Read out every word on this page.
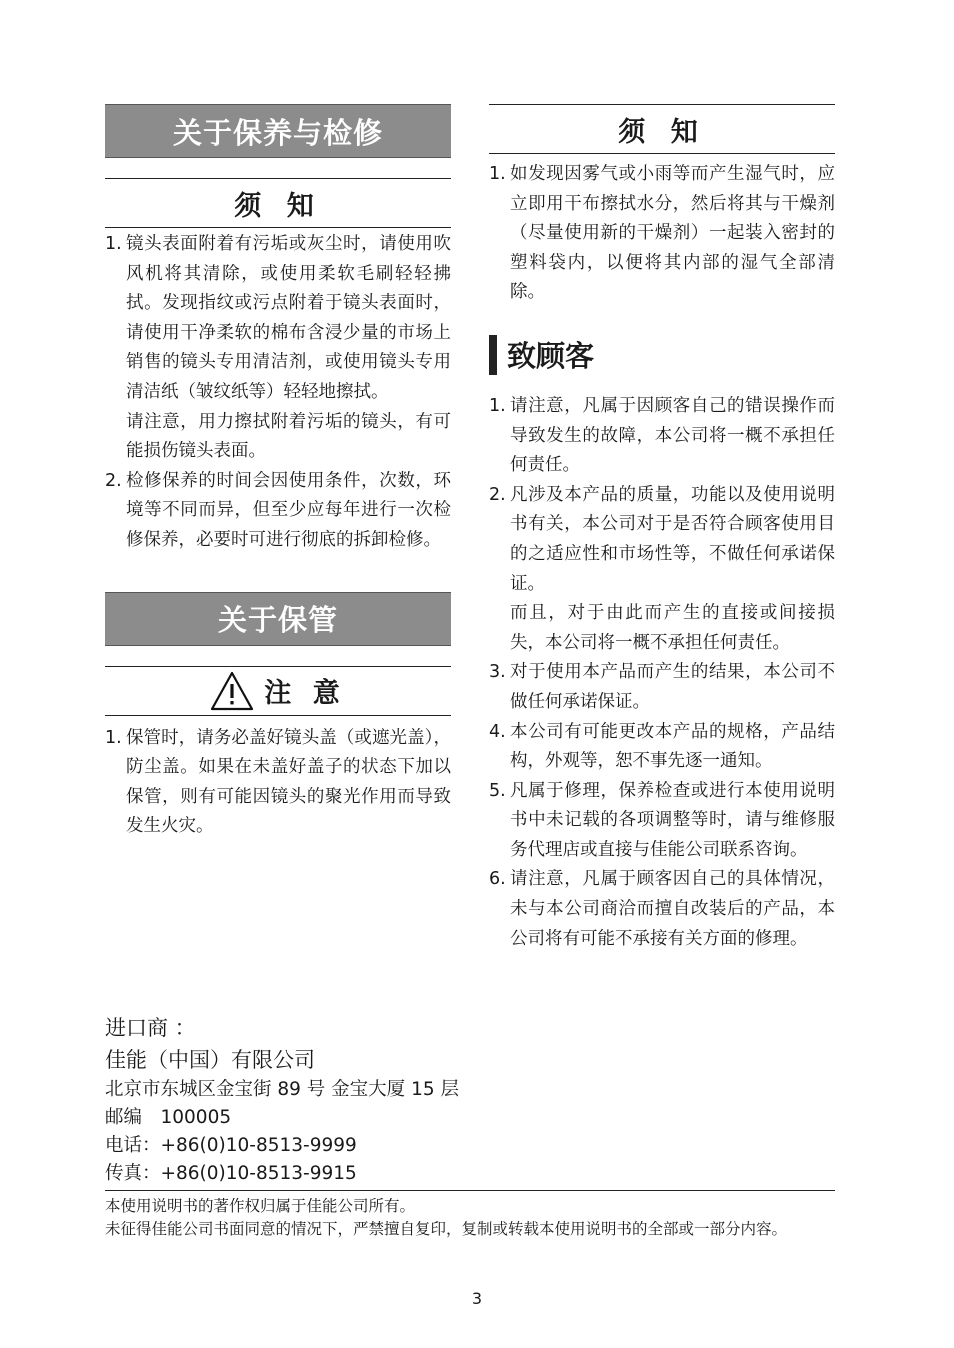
关于保养与检修
须 知
1. 镜头表面附着有污垢或灰尘时，请使用吹风机将其清除，或使用柔软毛刷轻轻拂拭。发现指纹或污点附着于镜头表面时，请使用干净柔软的棉布含浸少量的市场上销售的镜头专用清洁剂，或使用镜头专用清洁纸（皱纹纸等）轻轻地擦拭。

请注意，用力擦拭附着污垢的镜头，有可能损伤镜头表面。

2. 检修保养的时间会因使用条件，次数，环境等不同而异，但至少应每年进行一次检修保养，必要时可进行彻底的拆卸检修。

关于保管
注 意
1. 保管时，请务必盖好镜头盖（或遮光盖），防尘盖。如果在未盖好盖子的状态下加以保管，则有可能因镜头的聚光作用而导致发生火灾。

须 知
1. 如发现因雾气或小雨等而产生湿气时，应立即用干布擦拭水分，然后将其与干燥剂（尽量使用新的干燥剂）一起装入密封的塑料袋内，以便将其内部的湿气全部清除。

致顾客
1. 请注意，凡属于因顾客自己的错误操作而导致发生的故障，本公司将一概不承担任何责任。

2. 凡涉及本产品的质量，功能以及使用说明书有关，本公司对于是否符合顾客使用目的之适应性和市场性等，不做任何承诺保证。

而且，对于由此而产生的直接或间接损失，本公司将一概不承担任何责任。

3. 对于使用本产品而产生的结果，本公司不做任何承诺保证。

4. 本公司有可能更改本产品的规格，产品结构，外观等，恕不事先逐一通知。

5. 凡属于修理，保养检查或进行本使用说明书中未记载的各项调整等时，请与维修服务代理店或直接与佳能公司联系咨询。

6. 请注意，凡属于顾客因自己的具体情况，未与本公司商洽而擅自改装后的产品，本公司将有可能不承接有关方面的修理。

进口商 ：
佳能（中国）有限公司
北京市东城区金宝街 89 号 金宝大厦 15 层
邮编　100005
电话：+86(0)10-8513-9999
传真：+86(0)10-8513-9915
本使用说明书的著作权归属于佳能公司所有。
未征得佳能公司书面同意的情况下，严禁擅自复印，复制或转载本使用说明书的全部或一部分内容。
3
